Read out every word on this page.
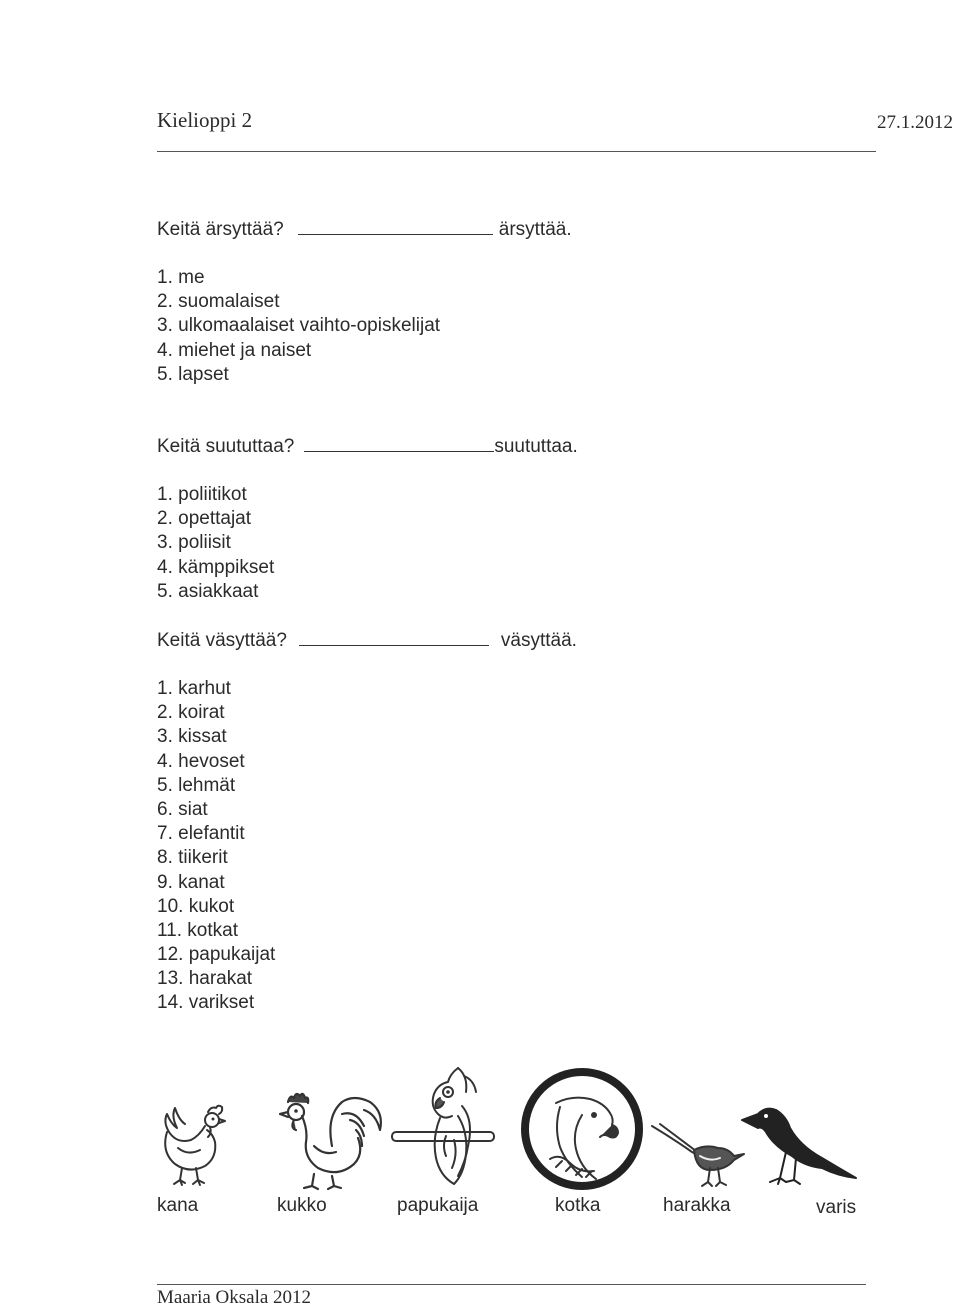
Kielioppi 2	27.1.2012
Keitä ärsyttää?	ärsyttää.
1. me
2. suomalaiset
3. ulkomaalaiset vaihto-opiskelijat
4. miehet ja naiset
5. lapset
Keitä suututtaa?	suututtaa.
1. poliitikot
2. opettajat
3. poliisit
4. kämppikset
5. asiakkaat
Keitä väsyttää?	väsyttää.
1. karhut
2. koirat
3. kissat
4. hevoset
5. lehmät
6. siat
7. elefantit
8. tiikerit
9. kanat
10. kukot
11. kotkat
12. papukaijat
13. harakat
14. varikset
kana	kukko	papukaija	kotka	harakka	varis
Maaria Oksala 2012
